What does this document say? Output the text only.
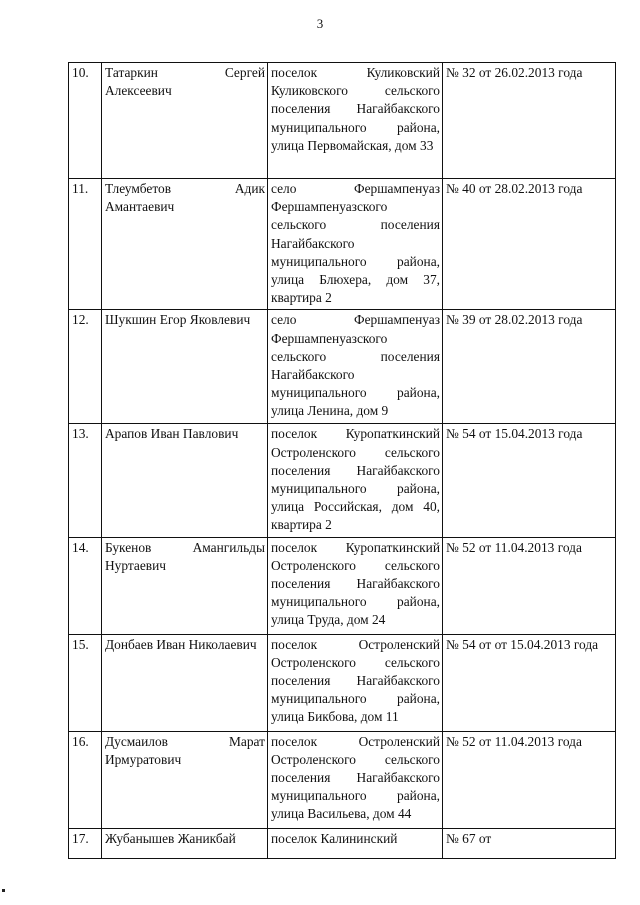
3
10.	Татаркин Сергей Алексеевич	поселок Куликовский Куликовского сельского поселения Нагайбакского муниципального района, улица Первомайская, дом 33	№ 32 от 26.02.2013 года
11.	Тлеумбетов Адик Амантаевич	село Фершампенуаз Фершампенуазского сельского поселения Нагайбакского муниципального района, улица Блюхера, дом 37, квартира 2	№ 40 от 28.02.2013 года
12.	Шукшин Егор Яковлевич	село Фершампенуаз Фершампенуазского сельского поселения Нагайбакского муниципального района, улица Ленина, дом 9	№ 39 от 28.02.2013 года
13.	Арапов Иван Павлович	поселок Куропаткинский Остроленского сельского поселения Нагайбакского муниципального района, улица Российская, дом 40, квартира 2	№ 54 от 15.04.2013 года
14.	Букенов Амангильды Нуртаевич	поселок Куропаткинский Остроленского сельского поселения Нагайбакского муниципального района, улица Труда, дом 24	№ 52 от 11.04.2013 года
15.	Донбаев Иван Николаевич	поселок Остроленский Остроленского сельского поселения Нагайбакского муниципального района, улица Бикбова, дом 11	№ 54 от от 15.04.2013 года
16.	Дусмаилов Марат Ирмуратович	поселок Остроленский Остроленского сельского поселения Нагайбакского муниципального района, улица Васильева, дом 44	№ 52 от 11.04.2013 года
17.	Жубанышев Жаникбай	поселок Калининский	№ 67 от
